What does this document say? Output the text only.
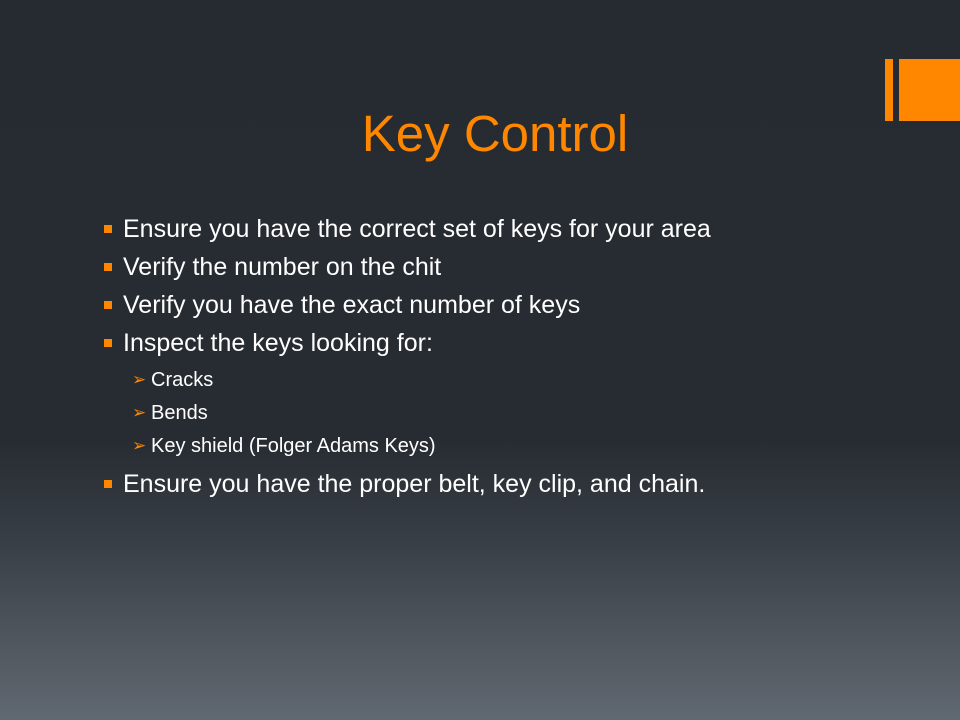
Key Control
Ensure you have the correct set of keys for your area
Verify the number on the chit
Verify you have the exact number of keys
Inspect the keys looking for:
➢ Cracks
➢ Bends
➢ Key shield (Folger Adams Keys)
Ensure you have the proper belt, key clip, and chain.
